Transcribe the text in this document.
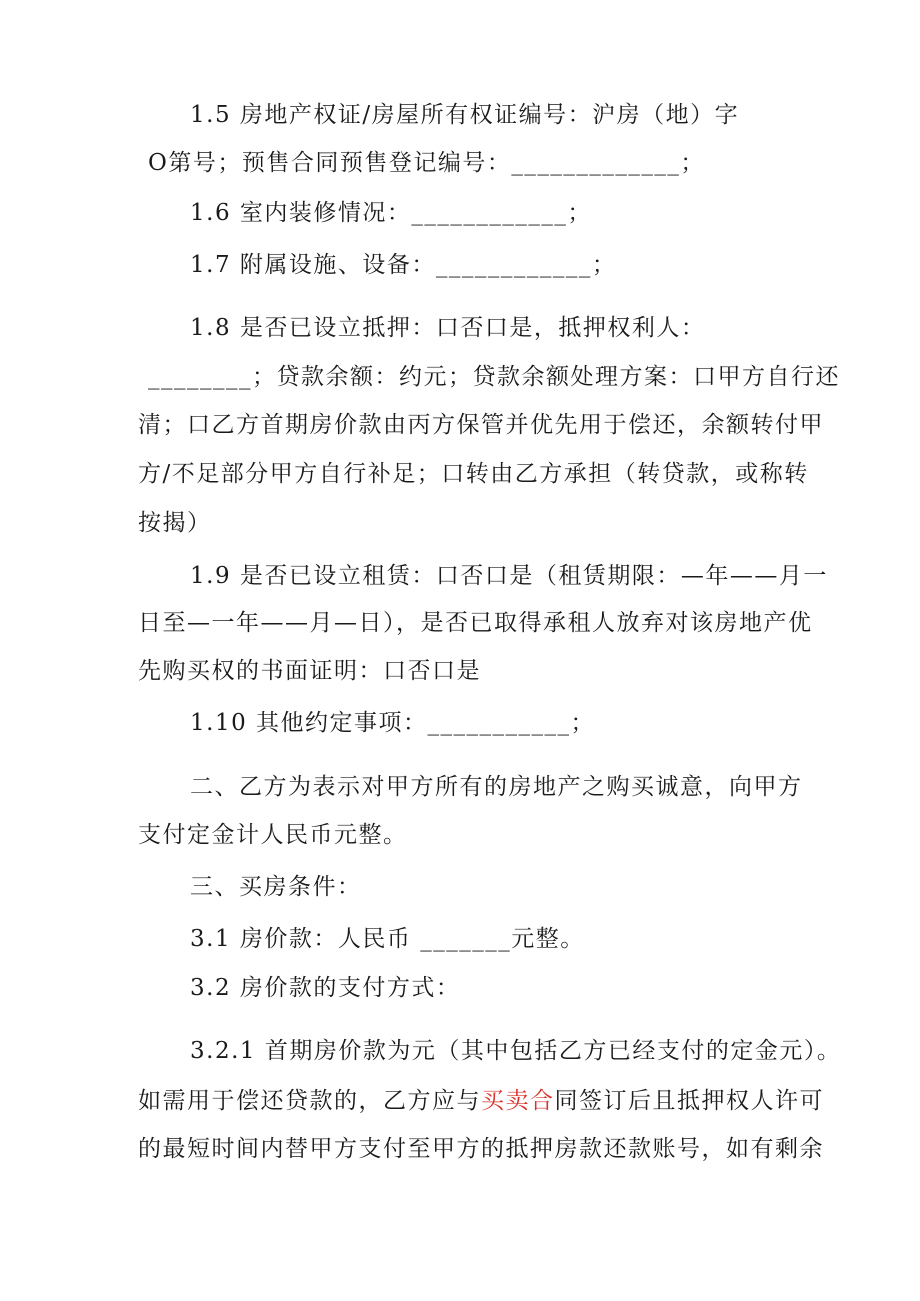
1.5 房地产权证/房屋所有权证编号：沪房（地）字
O第号；预售合同预售登记编号：_____________；
1.6 室内装修情况：____________；
1.7 附属设施、设备：____________；
1.8 是否已设立抵押：口否口是，抵押权利人：
________；贷款余额：约元；贷款余额处理方案：口甲方自行还
清；口乙方首期房价款由丙方保管并优先用于偿还，余额转付甲
方/不足部分甲方自行补足；口转由乙方承担（转贷款，或称转
按揭）
1.9 是否已设立租赁：口否口是（租赁期限：—年——月一
日至—一年——月—日），是否已取得承租人放弃对该房地产优
先购买权的书面证明：口否口是
1.10 其他约定事项：___________；
二、乙方为表示对甲方所有的房地产之购买诚意，向甲方
支付定金计人民币元整。
三、买房条件：
3.1 房价款：人民币 _______元整。
3.2 房价款的支付方式：
3.2.1 首期房价款为元（其中包括乙方已经支付的定金元）。
如需用于偿还贷款的，乙方应与买卖合同签订后且抵押权人许可
的最短时间内替甲方支付至甲方的抵押房款还款账号，如有剩余
